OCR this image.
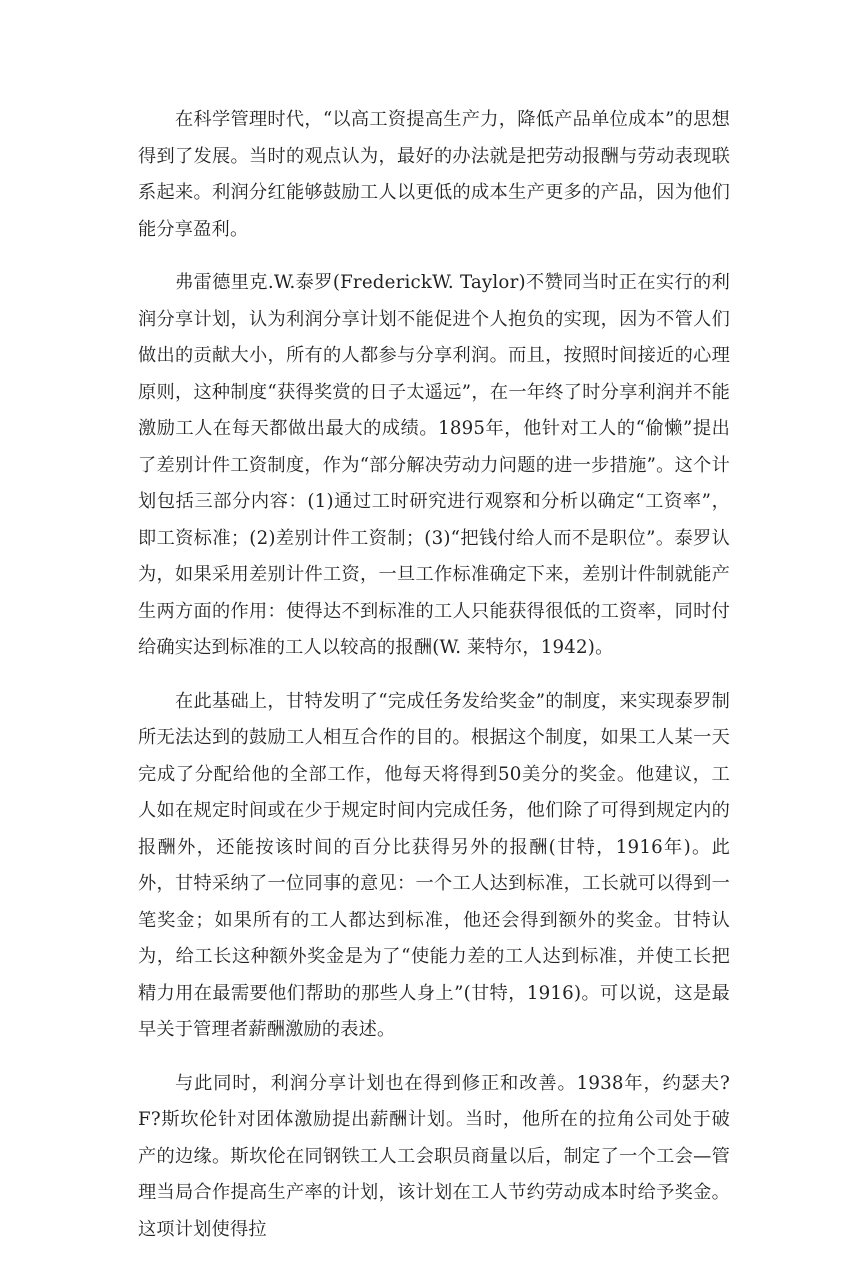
在科学管理时代，“以高工资提高生产力，降低产品单位成本”的思想得到了发展。当时的观点认为，最好的办法就是把劳动报酬与劳动表现联系起来。利润分红能够鼓励工人以更低的成本生产更多的产品，因为他们能分享盈利。

弗雷德里克.W.泰罗(FrederickW. Taylor)不赞同当时正在实行的利润分享计划，认为利润分享计划不能促进个人抱负的实现，因为不管人们做出的贡献大小，所有的人都参与分享利润。而且，按照时间接近的心理原则，这种制度“获得奖赏的日子太遥远”，在一年终了时分享利润并不能激励工人在每天都做出最大的成绩。1895年，他针对工人的“偷懒”提出了差别计件工资制度，作为“部分解决劳动力问题的进一步措施”。这个计划包括三部分内容：(1)通过工时研究进行观察和分析以确定“工资率”，即工资标准；(2)差别计件工资制；(3)“把钱付给人而不是职位”。泰罗认为，如果采用差别计件工资，一旦工作标准确定下来，差别计件制就能产生两方面的作用：使得达不到标准的工人只能获得很低的工资率，同时付给确实达到标准的工人以较高的报酬(W. 莱特尔，1942)。

在此基础上，甘特发明了“完成任务发给奖金”的制度，来实现泰罗制所无法达到的鼓励工人相互合作的目的。根据这个制度，如果工人某一天完成了分配给他的全部工作，他每天将得到50美分的奖金。他建议，工人如在规定时间或在少于规定时间内完成任务，他们除了可得到规定内的报酬外，还能按该时间的百分比获得另外的报酬(甘特，1916年)。此外，甘特采纳了一位同事的意见：一个工人达到标准，工长就可以得到一笔奖金；如果所有的工人都达到标准，他还会得到额外的奖金。甘特认为，给工长这种额外奖金是为了“使能力差的工人达到标准，并使工长把精力用在最需要他们帮助的那些人身上”(甘特，1916)。可以说，这是最早关于管理者薪酬激励的表述。

与此同时，利润分享计划也在得到修正和改善。1938年，约瑟夫?F?斯坎伦针对团体激励提出薪酬计划。当时，他所在的拉角公司处于破产的边缘。斯坎伦在同钢铁工人工会职员商量以后，制定了一个工会—管理当局合作提高生产率的计划，该计划在工人节约劳动成本时给予奖金。这项计划使得拉
